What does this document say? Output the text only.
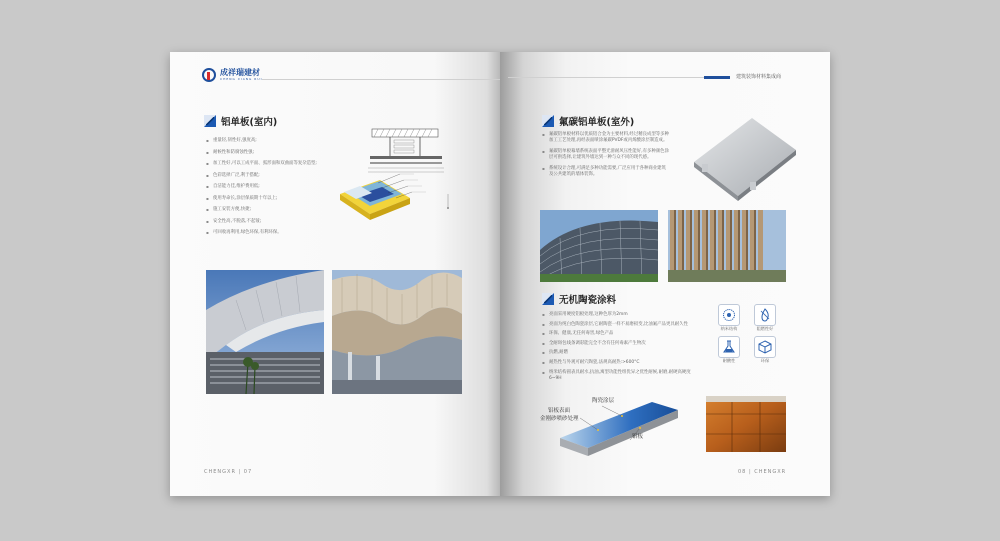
成祥瑞建材
CHENG XIANG RUI
铝单板(室内)
▪ 重量轻,韧性好,强度高;
▪ 耐候性和防腐蚀性强;
▪ 加工性好,可以工成平面、弧形面和双曲面等复杂造型;
▪ 色彩选择广泛,利于搭配;
▪ 自洁能力佳,维护费用低;
▪ 使用寿命长,涂层保质期十年以上;
▪ 施工安装方便,快捷;
▪ 安全性高,不脱落,不起皱;
▪ 可回收再利用,绿色环保,有利环保。
CHENGXR | 07
建筑装饰材料集成商
氟碳铝单板(室外)
▪ 氟碳铝单板材料以优质铝合金为主要材料,经过精良成型等多种加工工艺处理,再经表面喷涂氟碳PVDF或丙烯酸涂层制造成。
▪ 氟碳铝单板幕墙系统表面平整光滑耐风压性能好,有多种颜色涂层可供选择,让建筑外墙达到一种与众不同的现代感。
▪ 系统设计合理,可满足多种功能需要,广泛应用于各种商业建筑及公共建筑的墙体装饰。
无机陶瓷涂料
▪ 亮面采用硬度铝板处理,这种色厚为2mm
▪ 亮面为纯白色陶瓷涂层,它耐陶瓷一样不易磨损变,比油氟产品更具耐久性
▪ 环保、健康,无任何毒害,绿色产品
▪ 全耐斑包线条调彩能完全不含有任何毒素产生物次
▪ 抗燃,耐燃
▪ 耐热性与外观可耐穴陶瓷,法规高耐热:>600°C
▪ 纳米结构圆表具耐水,抗油,寓型功能性组优异之优性耐候,耐磨,耐硬高硬度6~9H
纳米结构	阻燃性好
耐酸性	环保
陶瓷涂层
铝板表面
金刚砂喷砂处理
铝板
08 | CHENGXR
